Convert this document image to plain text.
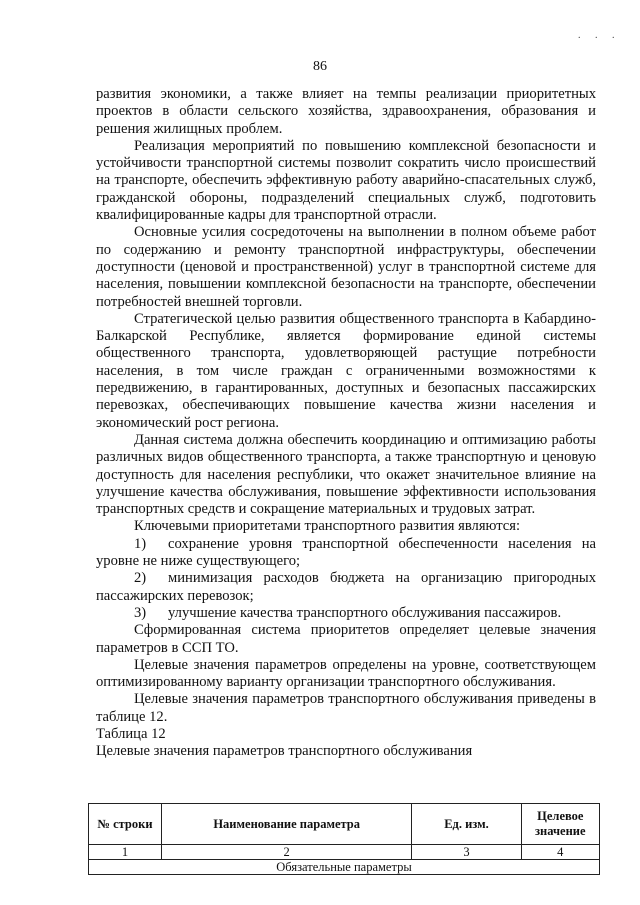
. . .
86

развития экономики, а также влияет на темпы реализации приоритетных проектов в области сельского хозяйства, здравоохранения, образования и решения жилищных проблем.

Реализация мероприятий по повышению комплексной безопасности и устойчивости транспортной системы позволит сократить число происшествий на транспорте, обеспечить эффективную работу аварийно-спасательных служб, гражданской обороны, подразделений специальных служб, подготовить квалифицированные кадры для транспортной отрасли.

Основные усилия сосредоточены на выполнении в полном объеме работ по содержанию и ремонту транспортной инфраструктуры, обеспечении доступности (ценовой и пространственной) услуг в транспортной системе для населения, повышении комплексной безопасности на транспорте, обеспечении потребностей внешней торговли.

Стратегической целью развития общественного транспорта в Кабардино-Балкарской Республике, является формирование единой системы общественного транспорта, удовлетворяющей растущие потребности населения, в том числе граждан с ограниченными возможностями к передвижению, в гарантированных, доступных и безопасных пассажирских перевозках, обеспечивающих повышение качества жизни населения и экономический рост региона.

Данная система должна обеспечить координацию и оптимизацию работы различных видов общественного транспорта, а также транспортную и ценовую доступность для населения республики, что окажет значительное влияние на улучшение качества обслуживания, повышение эффективности использования транспортных средств и сокращение материальных и трудовых затрат.

Ключевыми приоритетами транспортного развития являются:

1) сохранение уровня транспортной обеспеченности населения на уровне не ниже существующего;

2) минимизация расходов бюджета на организацию пригородных пассажирских перевозок;

3) улучшение качества транспортного обслуживания пассажиров.

Сформированная система приоритетов определяет целевые значения параметров в ССП ТО.

Целевые значения параметров определены на уровне, соответствующем оптимизированному варианту организации транспортного обслуживания.

Целевые значения параметров транспортного обслуживания приведены в таблице 12.

Таблица 12

Целевые значения параметров транспортного обслуживания

№ строки	Наименование параметра	Ед. изм.	Целевое значение
1	2	3	4
Обязательные параметры			
